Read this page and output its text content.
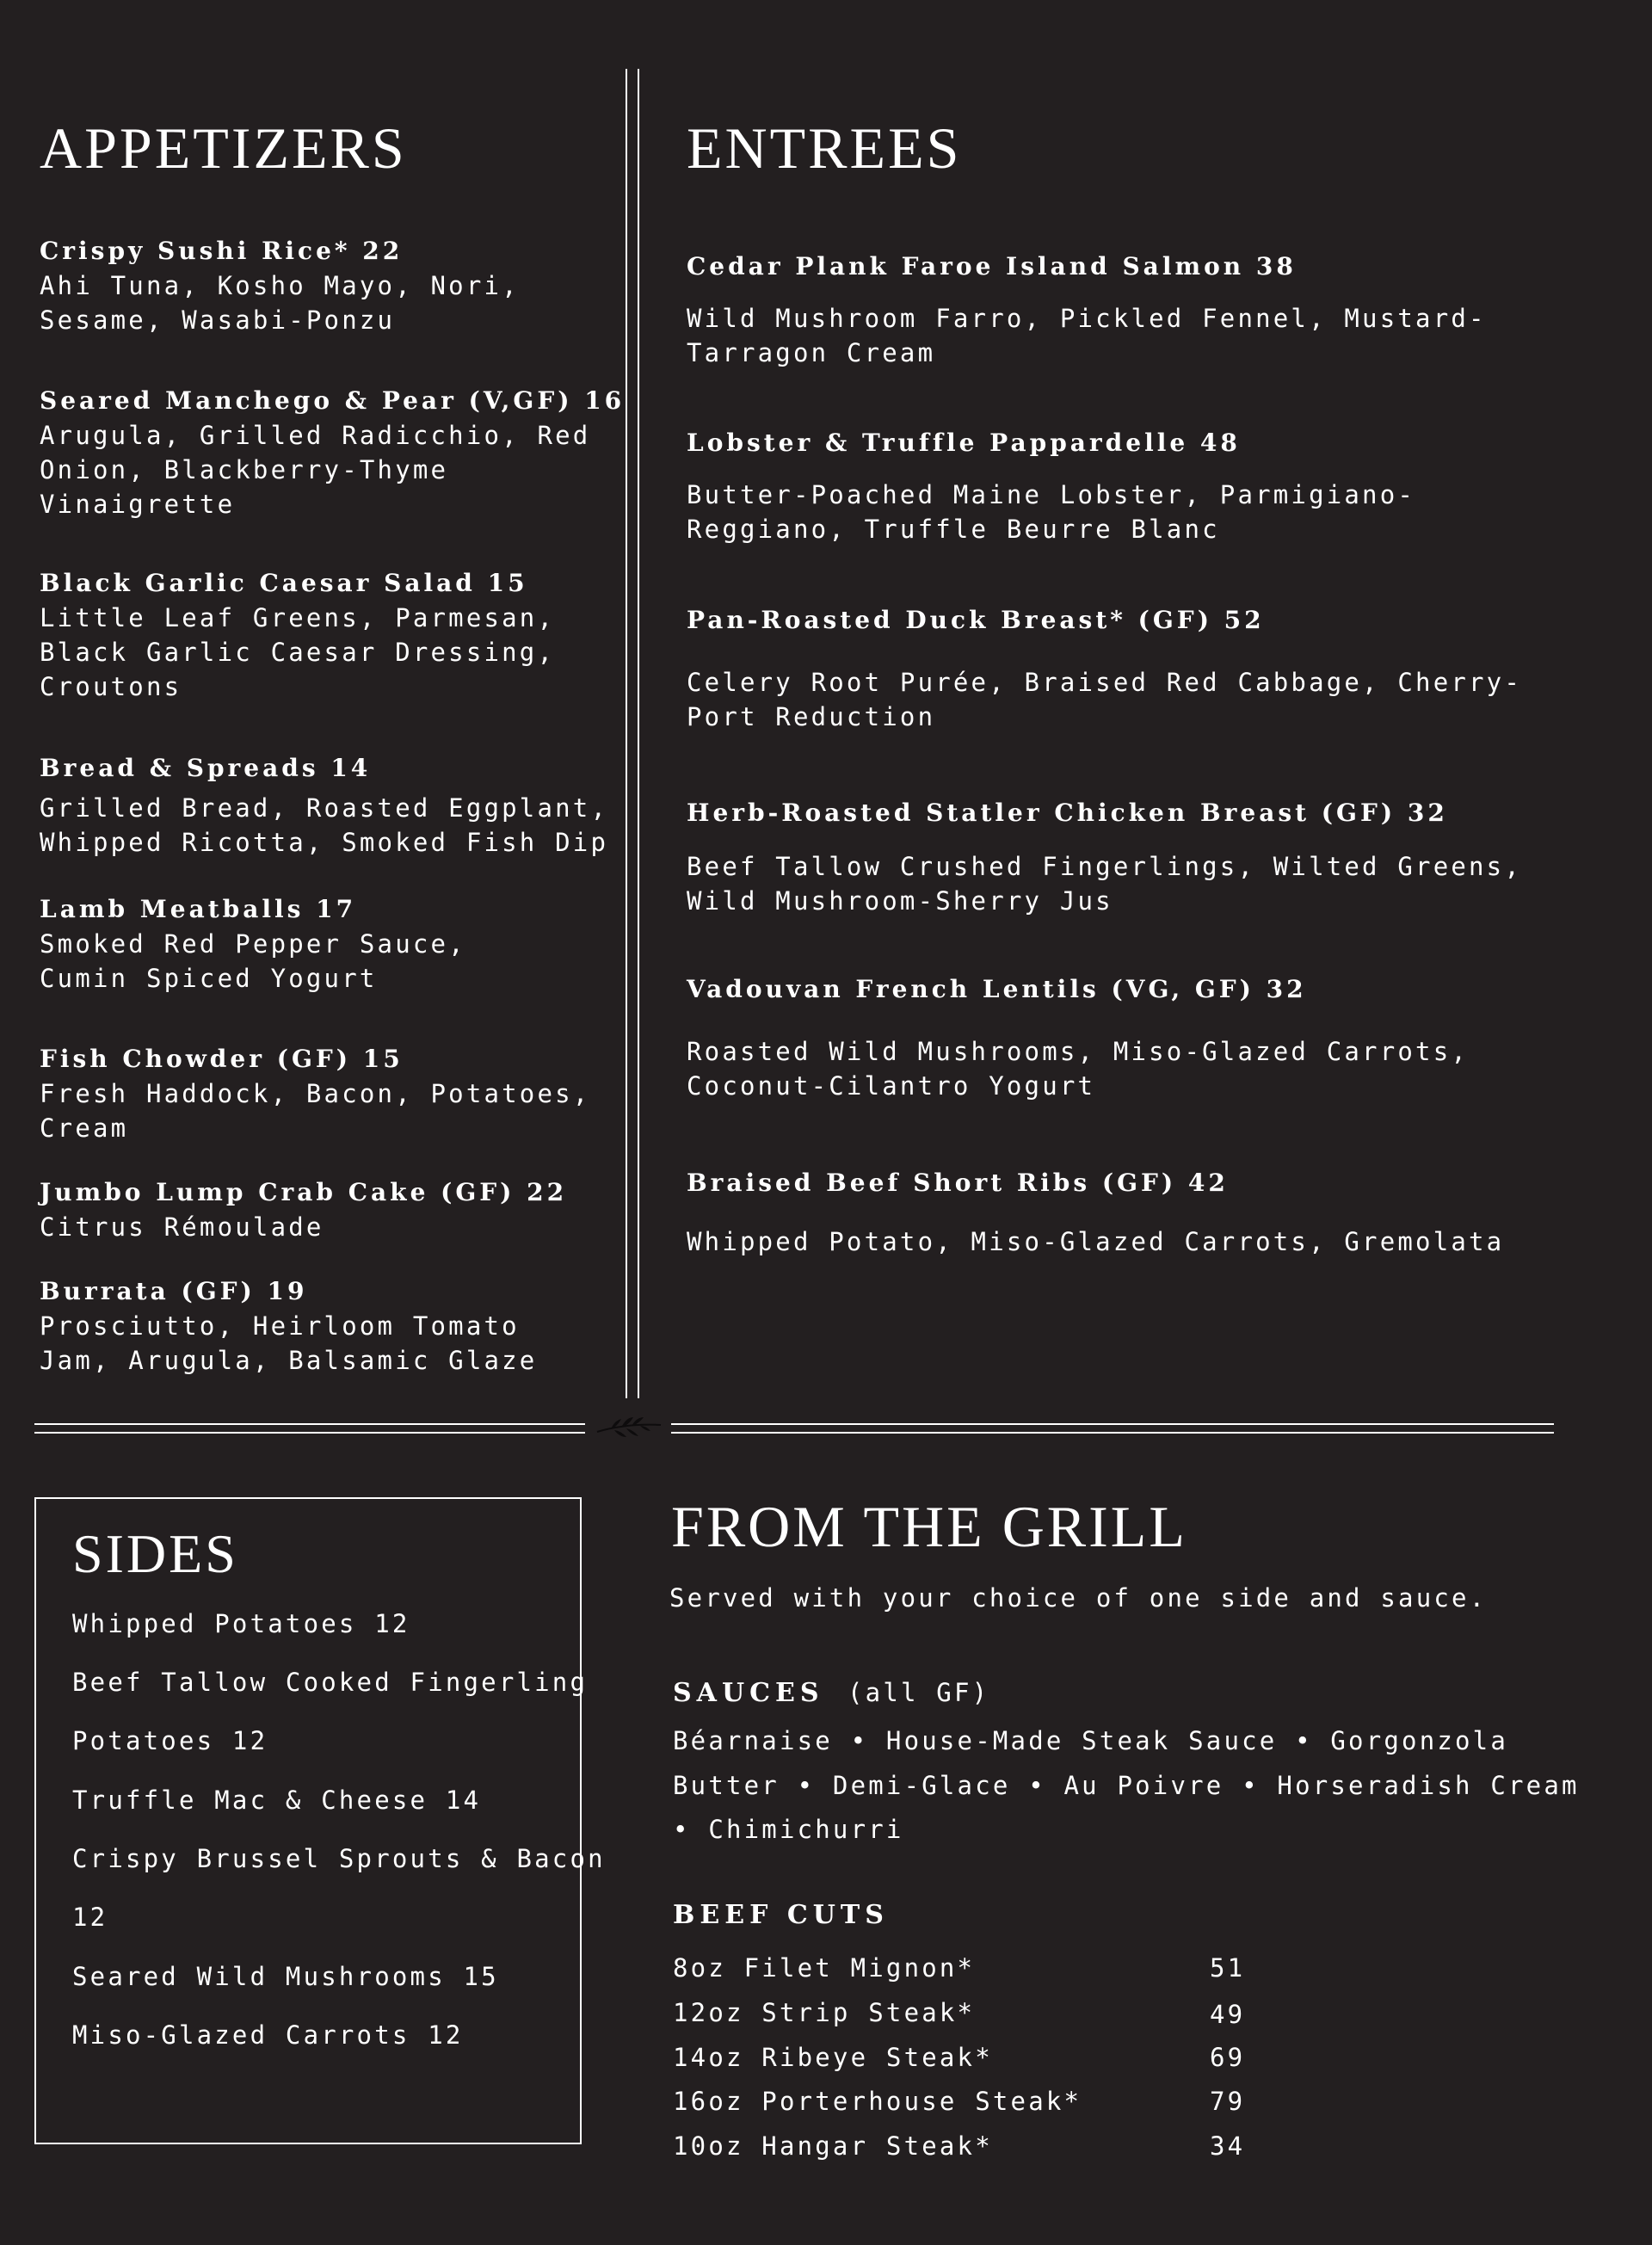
APPETIZERS
Crispy Sushi Rice* 22
Ahi Tuna, Kosho Mayo, Nori,
Sesame, Wasabi-Ponzu
Seared Manchego & Pear (V,GF) 16
Arugula, Grilled Radicchio, Red
Onion, Blackberry-Thyme
Vinaigrette
Black Garlic Caesar Salad 15
Little Leaf Greens, Parmesan,
Black Garlic Caesar Dressing,
Croutons
Bread & Spreads 14
Grilled Bread, Roasted Eggplant,
Whipped Ricotta, Smoked Fish Dip
Lamb Meatballs 17
Smoked Red Pepper Sauce,
Cumin Spiced Yogurt
Fish Chowder (GF) 15
Fresh Haddock, Bacon, Potatoes,
Cream
Jumbo Lump Crab Cake (GF) 22
Citrus Rémoulade
Burrata (GF) 19
Prosciutto, Heirloom Tomato
Jam, Arugula, Balsamic Glaze
ENTREES
Cedar Plank Faroe Island Salmon 38
Wild Mushroom Farro, Pickled Fennel, Mustard-
Tarragon Cream
Lobster & Truffle Pappardelle 48
Butter-Poached Maine Lobster, Parmigiano-
Reggiano, Truffle Beurre Blanc
Pan-Roasted Duck Breast* (GF) 52
Celery Root Purée, Braised Red Cabbage, Cherry-
Port Reduction
Herb-Roasted Statler Chicken Breast (GF) 32
Beef Tallow Crushed Fingerlings, Wilted Greens,
Wild Mushroom-Sherry Jus
Vadouvan French Lentils (VG, GF) 32
Roasted Wild Mushrooms, Miso-Glazed Carrots,
Coconut-Cilantro Yogurt
Braised Beef Short Ribs (GF) 42
Whipped Potato, Miso-Glazed Carrots, Gremolata
SIDES
Whipped Potatoes 12
Beef Tallow Cooked Fingerling
Potatoes 12
Truffle Mac & Cheese 14
Crispy Brussel Sprouts & Bacon
12
Seared Wild Mushrooms 15
Miso-Glazed Carrots 12
FROM THE GRILL
Served with your choice of one side and sauce.
SAUCES (all GF)
Béarnaise • House-Made Steak Sauce • Gorgonzola
Butter • Demi-Glace • Au Poivre • Horseradish Cream
• Chimichurri
BEEF CUTS
8oz Filet Mignon*	51
12oz Strip Steak*	49
14oz Ribeye Steak*	69
16oz Porterhouse Steak*	79
10oz Hangar Steak*	34
